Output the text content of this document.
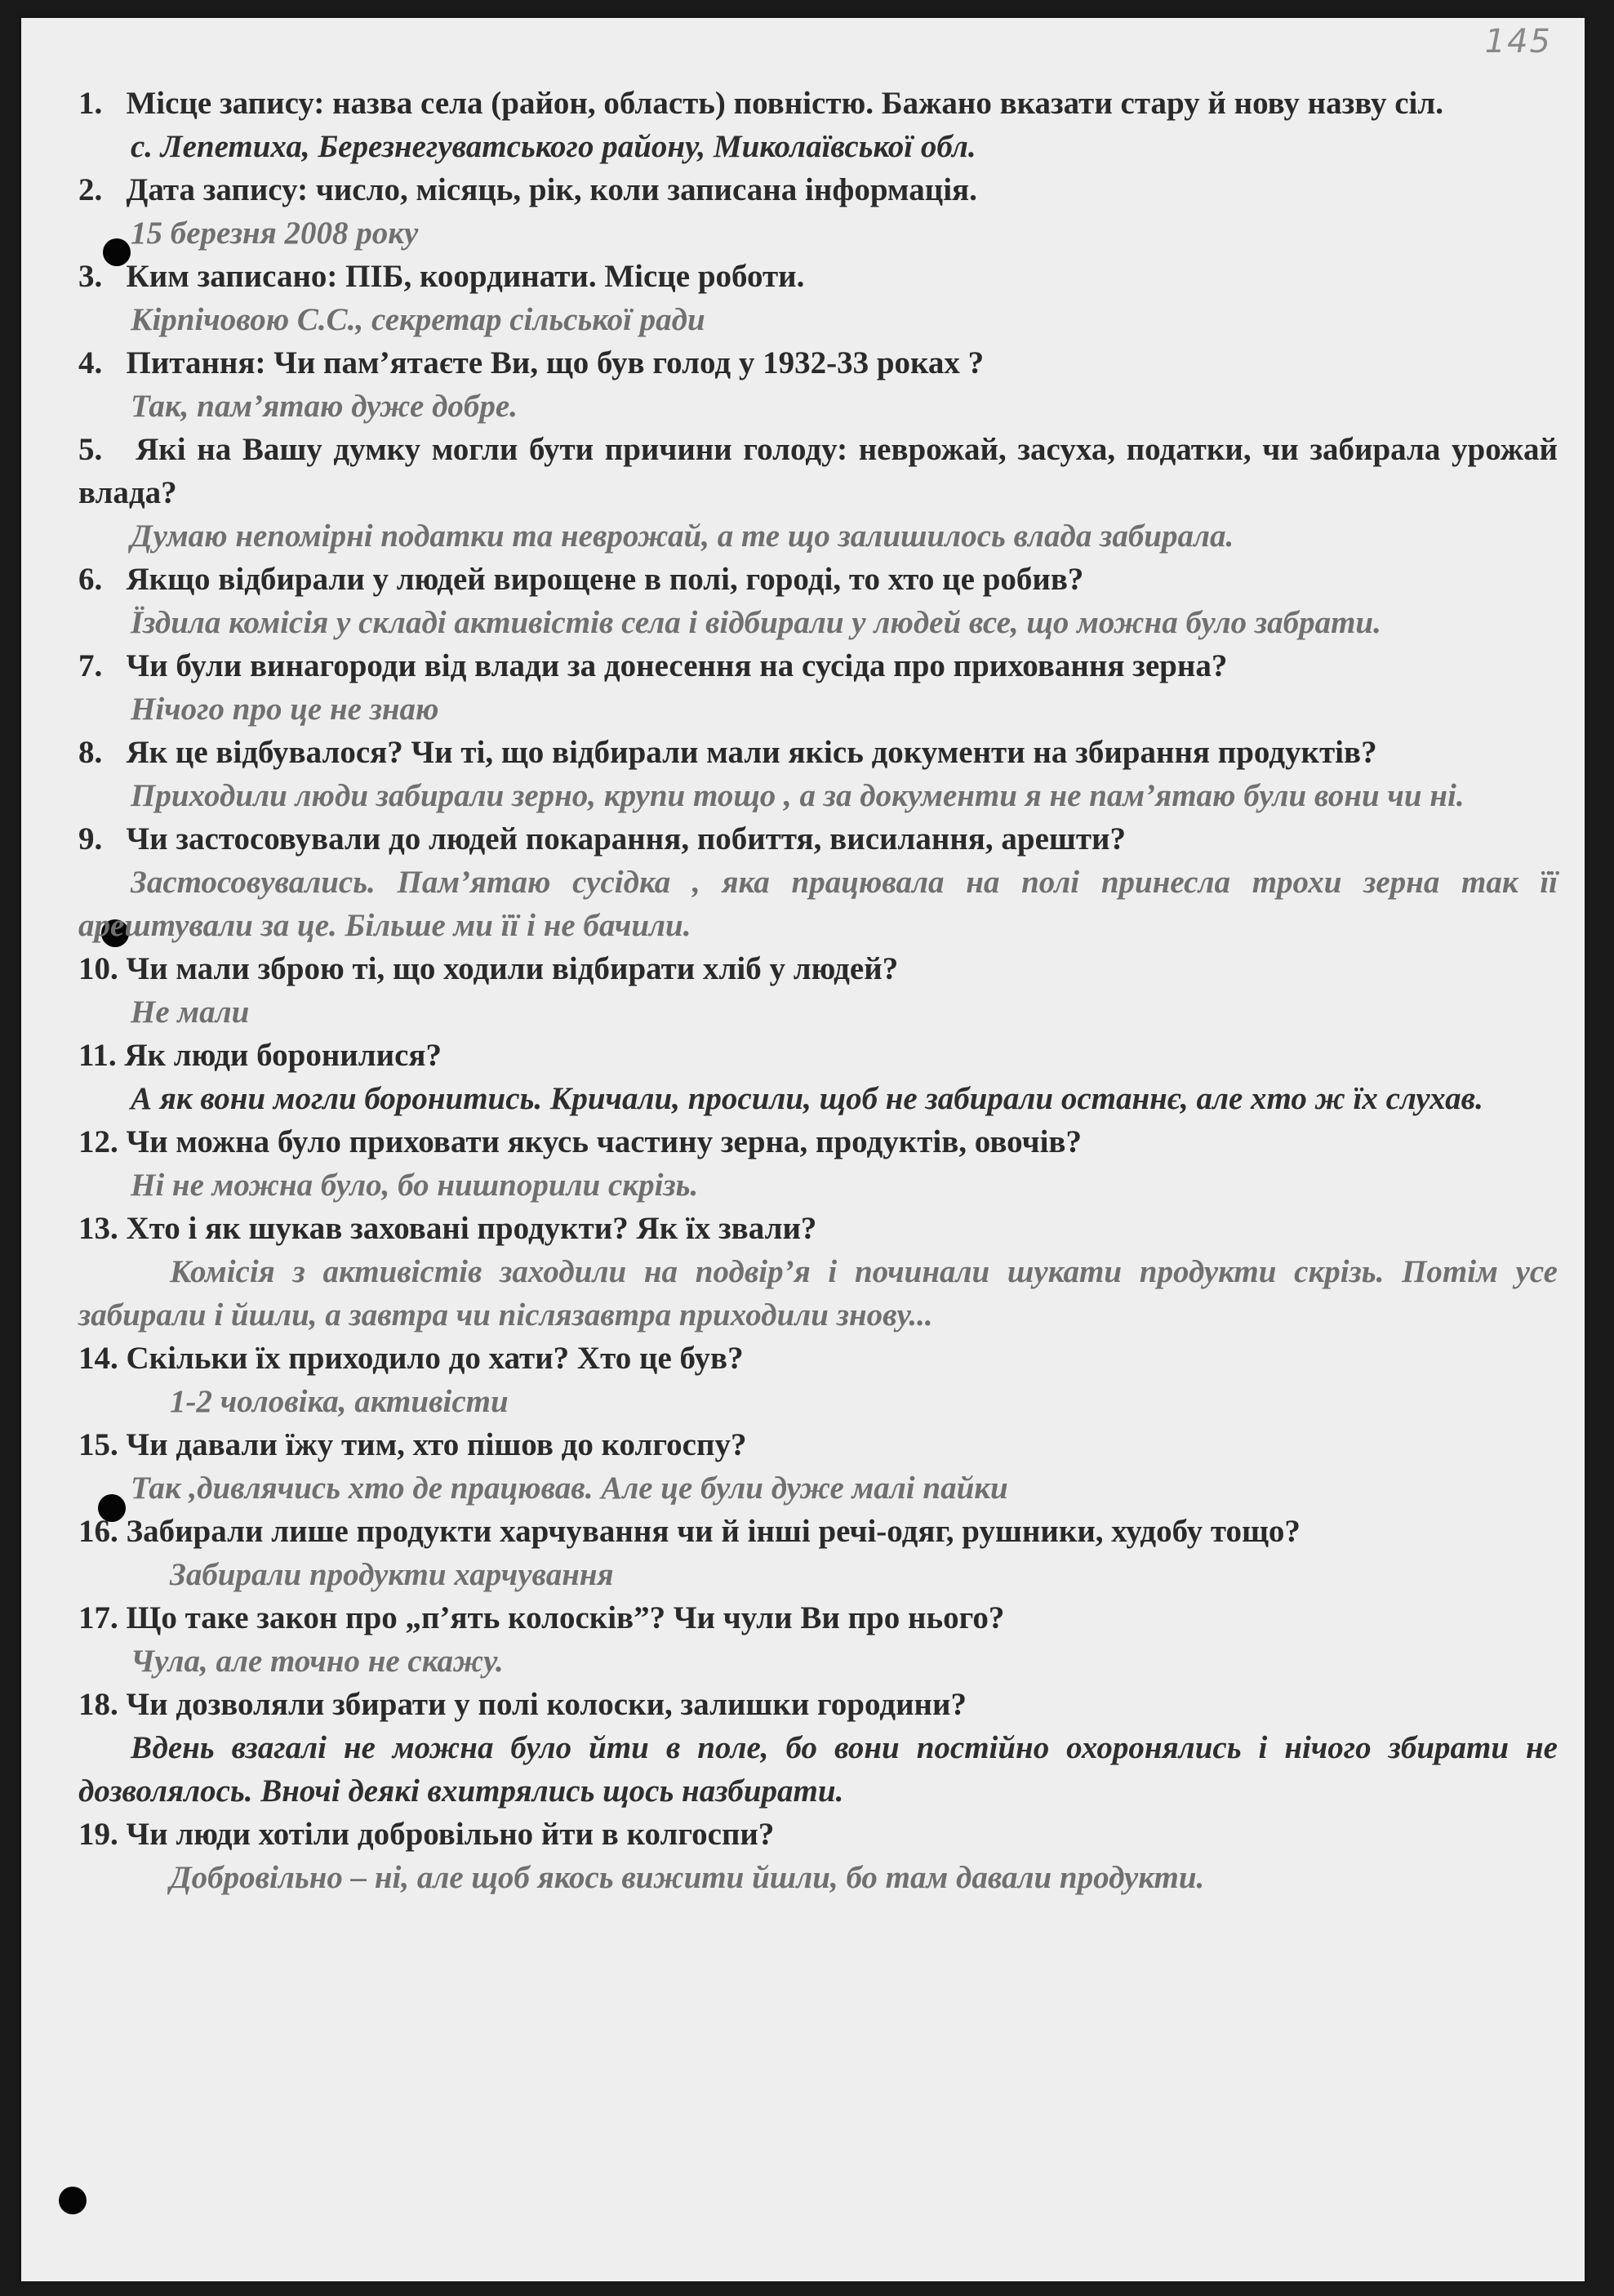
145

1. Місце запису: назва села (район, область) повністю. Бажано вказати стару й нову назву сіл.

с. Лепетиха, Березнегуватського району, Миколаївської обл.

2. Дата запису: число, місяць, рік, коли записана інформація.

15 березня 2008 року

3. Ким записано: ПІБ, координати. Місце роботи.

Кірпічовою С.С., секретар сільської ради

4. Питання: Чи пам’ятаєте Ви, що був голод у 1932-33 роках ?

Так, пам’ятаю дуже добре.

5. Які на Вашу думку могли бути причини голоду: неврожай, засуха, податки, чи забирала урожай влада?

Думаю непомірні податки та неврожай, а те що залишилось влада забирала.

6. Якщо відбирали у людей вирощене в полі, городі, то хто це робив?

Їздила комісія у складі активістів села і відбирали у людей все, що можна було забрати.

7. Чи були винагороди від влади за донесення на сусіда про приховання зерна?

Нічого про це не знаю

8. Як це відбувалося? Чи ті, що відбирали мали якісь документи на збирання продуктів?

Приходили люди забирали зерно, крупи тощо , а за документи я не пам’ятаю були вони чи ні.

9. Чи застосовували до людей покарання, побиття, висилання, арешти?

Застосовувались. Пам’ятаю сусідка , яка працювала на полі принесла трохи зерна так її арештували за це. Більше ми її і не бачили.

10. Чи мали зброю ті, що ходили відбирати хліб у людей?

Не мали

11. Як люди боронилися?

А як вони могли боронитись. Кричали, просили, щоб не забирали останнє, але хто ж їх слухав.

12. Чи можна було приховати якусь частину зерна, продуктів, овочів?

Ні не можна було, бо нишпорили скрізь.

13. Хто і як шукав заховані продукти? Як їх звали?

Комісія з активістів заходили на подвір’я і починали шукати продукти скрізь. Потім усе забирали і йшли, а завтра чи післязавтра приходили знову...

14. Скільки їх приходило до хати? Хто це був?

1-2 чоловіка, активісти

15. Чи давали їжу тим, хто пішов до колгоспу?

Так ,дивлячись хто де працював. Але це були дуже малі пайки

16. Забирали лише продукти харчування чи й інші речі-одяг, рушники, худобу тощо?

Забирали продукти харчування

17. Що таке закон про „п’ять колосків”? Чи чули Ви про нього?

Чула, але точно не скажу.

18. Чи дозволяли збирати у полі колоски, залишки городини?

Вдень взагалі не можна було йти в поле, бо вони постійно охоронялись і нічого збирати не дозволялось. Вночі деякі вхитрялись щось назбирати.

19. Чи люди хотіли добровільно йти в колгоспи?

Добровільно – ні, але щоб якось вижити йшли, бо там давали продукти.
